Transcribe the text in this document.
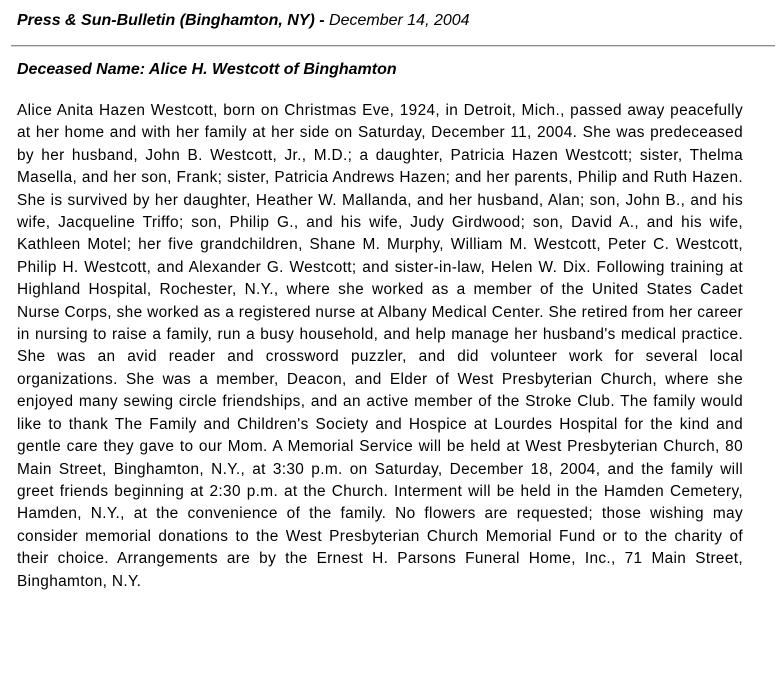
Press & Sun-Bulletin (Binghamton, NY) - December 14, 2004
Deceased Name: Alice H. Westcott of Binghamton

Alice Anita Hazen Westcott, born on Christmas Eve, 1924, in Detroit, Mich., passed away peacefully at her home and with her family at her side on Saturday, December 11, 2004. She was predeceased by her husband, John B. Westcott, Jr., M.D.; a daughter, Patricia Hazen Westcott; sister, Thelma Masella, and her son, Frank; sister, Patricia Andrews Hazen; and her parents, Philip and Ruth Hazen. She is survived by her daughter, Heather W. Mallanda, and her husband, Alan; son, John B., and his wife, Jacqueline Triffo; son, Philip G., and his wife, Judy Girdwood; son, David A., and his wife, Kathleen Motel; her five grandchildren, Shane M. Murphy, William M. Westcott, Peter C. Westcott, Philip H. Westcott, and Alexander G. Westcott; and sister-in-law, Helen W. Dix. Following training at Highland Hospital, Rochester, N.Y., where she worked as a member of the United States Cadet Nurse Corps, she worked as a registered nurse at Albany Medical Center. She retired from her career in nursing to raise a family, run a busy household, and help manage her husband's medical practice. She was an avid reader and crossword puzzler, and did volunteer work for several local organizations. She was a member, Deacon, and Elder of West Presbyterian Church, where she enjoyed many sewing circle friendships, and an active member of the Stroke Club. The family would like to thank The Family and Children's Society and Hospice at Lourdes Hospital for the kind and gentle care they gave to our Mom. A Memorial Service will be held at West Presbyterian Church, 80 Main Street, Binghamton, N.Y., at 3:30 p.m. on Saturday, December 18, 2004, and the family will greet friends beginning at 2:30 p.m. at the Church. Interment will be held in the Hamden Cemetery, Hamden, N.Y., at the convenience of the family. No flowers are requested; those wishing may consider memorial donations to the West Presbyterian Church Memorial Fund or to the charity of their choice. Arrangements are by the Ernest H. Parsons Funeral Home, Inc., 71 Main Street, Binghamton, N.Y.
